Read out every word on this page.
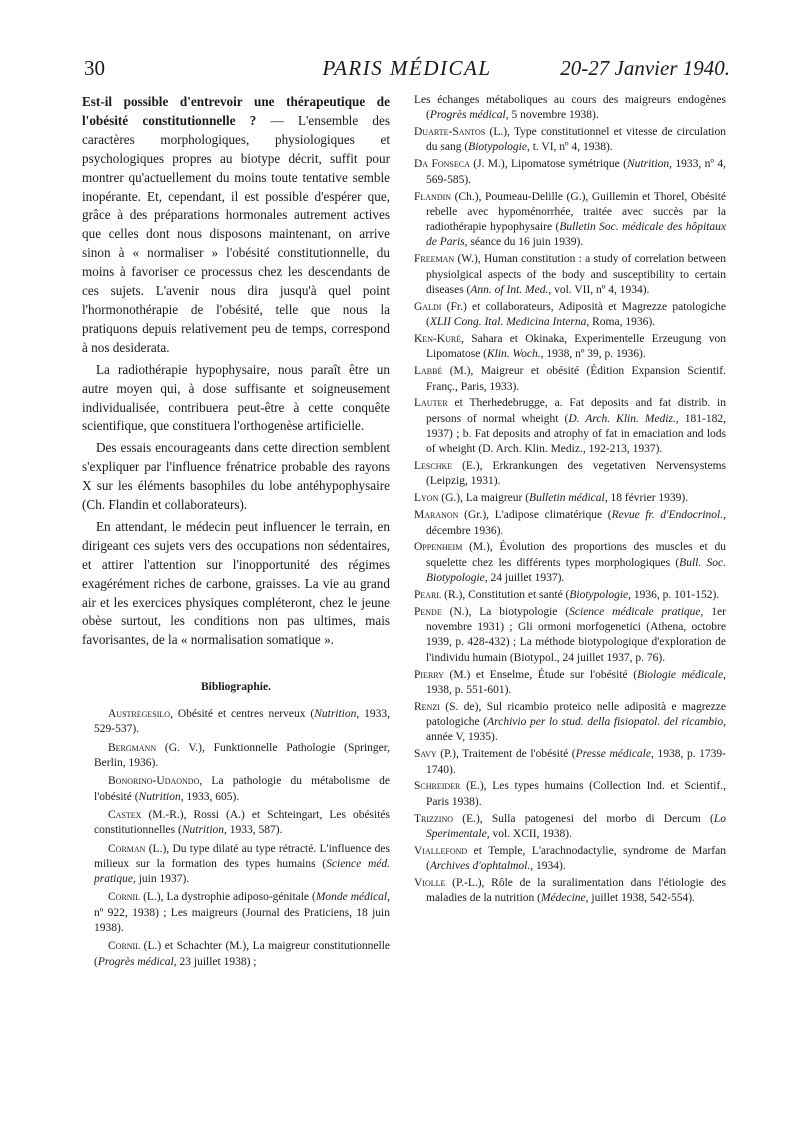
30	PARIS MÉDICAL	20-27 Janvier 1940.

Est-il possible d'entrevoir une thérapeutique de l'obésité constitutionnelle ? — L'ensemble des caractères morphologiques, physiologiques et psychologiques propres au biotype décrit, suffit pour montrer qu'actuellement du moins toute tentative semble inopérante. Et, cependant, il est possible d'espérer que, grâce à des préparations hormonales autrement actives que celles dont nous disposons maintenant, on arrive sinon à « normaliser » l'obésité constitutionnelle, du moins à favoriser ce processus chez les descendants de ces sujets. L'avenir nous dira jusqu'à quel point l'hormonothérapie de l'obésité, telle que nous la pratiquons depuis relativement peu de temps, correspond à nos desiderata.

La radiothérapie hypophysaire, nous paraît être un autre moyen qui, à dose suffisante et soigneusement individualisée, contribuera peut-être à cette conquête scientifique, que constituera l'orthogenèse artificielle.

Des essais encourageants dans cette direction semblent s'expliquer par l'influence frénatrice probable des rayons X sur les éléments basophiles du lobe antéhypophysaire (Ch. Flandin et collaborateurs).

En attendant, le médecin peut influencer le terrain, en dirigeant ces sujets vers des occupations non sédentaires, et attirer l'attention sur l'inopportunité des régimes exagérément riches de carbone, graisses. La vie au grand air et les exercices physiques compléteront, chez le jeune obèse surtout, les conditions non pas ultimes, mais favorisantes, de la « normalisation somatique ».

Bibliographie.

Austregesilo, Obésité et centres nerveux (Nutrition, 1933, 529-537).

Bergmann (G. V.), Funktionnelle Pathologie (Springer, Berlin, 1936).

Bonorino-Udaondo, La pathologie du métabolisme de l'obésité (Nutrition, 1933, 605).

Castex (M.-R.), Rossi (A.) et Schteingart, Les obésités constitutionnelles (Nutrition, 1933, 587).

Corman (L.), Du type dilaté au type rétracté. L'influence des milieux sur la formation des types humains (Science méd. pratique, juin 1937).

Cornil (L.), La dystrophie adiposo-génitale (Monde médical, nº 922, 1938) ; Les maigreurs (Journal des Praticiens, 18 juin 1938).

Cornil (L.) et Schachter (M.), La maigreur constitutionnelle (Progrès médical, 23 juillet 1938) ;

Les échanges métaboliques au cours des maigreurs endogènes (Progrès médical, 5 novembre 1938).

Duarte-Santos (L.), Type constitutionnel et vitesse de circulation du sang (Biotypologie, t. VI, nº 4, 1938).

Da Fonseca (J. M.), Lipomatose symétrique (Nutrition, 1933, nº 4, 569-585).

Flandin (Ch.), Poumeau-Delille (G.), Guillemin et Thorel, Obésité rebelle avec hypoménorrhée, traitée avec succès par la radiothérapie hypophysaire (Bulletin Soc. médicale des hôpitaux de Paris, séance du 16 juin 1939).

Freeman (W.), Human constitution : a study of correlation between physiolgical aspects of the body and susceptibility to certain diseases (Ann. of Int. Med., vol. VII, nº 4, 1934).

Galdi (Fr.) et collaborateurs, Adiposità et Magrezze patologiche (XLII Cong. Ital. Medicina Interna, Roma, 1936).

Ken-Kuré, Sahara et Okinaka, Experimentelle Erzeugung von Lipomatose (Klin. Woch., 1938, nº 39, p. 1936).

Labbé (M.), Maigreur et obésité (Édition Expansion Scientif. Franç., Paris, 1933).

Lauter et Therhedebrugge, a. Fat deposits and fat distrib. in persons of normal wheight (D. Arch. Klin. Mediz., 181-182, 1937) ; b. Fat deposits and atrophy of fat in emaciation and lods of wheight (D. Arch. Klin. Mediz., 192-213, 1937).

Leschke (E.), Erkrankungen des vegetativen Nervensystems (Leipzig, 1931).

Lyon (G.), La maigreur (Bulletin médical, 18 février 1939).

Maranon (Gr.), L'adipose climatérique (Revue fr. d'Endocrinol., décembre 1936).

Oppenheim (M.), Évolution des proportions des muscles et du squelette chez les différents types morphologiques (Bull. Soc. Biotypologie, 24 juillet 1937).

Pearl (R.), Constitution et santé (Biotypologie, 1936, p. 101-152).

Pende (N.), La biotypologie (Science médicale pratique, 1er novembre 1931) ; Gli ormoni morfogenetici (Athena, octobre 1939, p. 428-432) ; La méthode biotypologique d'exploration de l'individu humain (Biotypol., 24 juillet 1937, p. 76).

Pierry (M.) et Enselme, Étude sur l'obésité (Biologie médicale, 1938, p. 551-601).

Renzi (S. de), Sul ricambio proteico nelle adiposità e magrezze patologiche (Archivio per lo stud. della fisiopatol. del ricambio, année V, 1935).

Savy (P.), Traitement de l'obésité (Presse médicale, 1938, p. 1739-1740).

Schreider (E.), Les types humains (Collection Ind. et Scientif., Paris 1938).

Trizzino (E.), Sulla patogenesi del morbo di Dercum (Lo Sperimentale, vol. XCII, 1938).

Viallefond et Temple, L'arachnodactylie, syndrome de Marfan (Archives d'ophtalmol., 1934).

Violle (P.-L.), Rôle de la suralimentation dans l'étiologie des maladies de la nutrition (Médecine, juillet 1938, 542-554).
